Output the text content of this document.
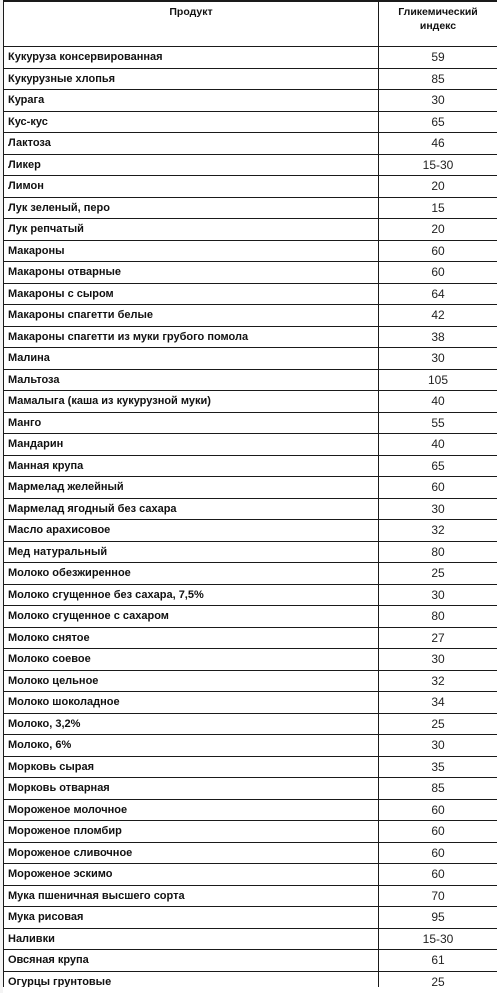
Продукт	Гликемический
индекс
Кукуруза консервированная	59
Кукурузные хлопья	85
Курага	30
Кус-кус	65
Лактоза	46
Ликер	15-30
Лимон	20
Лук зеленый, перо	15
Лук репчатый	20
Макароны	60
Макароны отварные	60
Макароны с сыром	64
Макароны спагетти белые	42
Макароны спагетти из муки грубого помола	38
Малина	30
Мальтоза	105
Мамалыга (каша из кукурузной муки)	40
Манго	55
Мандарин	40
Манная крупа	65
Мармелад желейный	60
Мармелад ягодный без сахара	30
Масло арахисовое	32
Мед натуральный	80
Молоко обезжиренное	25
Молоко сгущенное без сахара, 7,5%	30
Молоко сгущенное с сахаром	80
Молоко снятое	27
Молоко соевое	30
Молоко цельное	32
Молоко шоколадное	34
Молоко, 3,2%	25
Молоко, 6%	30
Морковь сырая	35
Морковь отварная	85
Мороженое молочное	60
Мороженое пломбир	60
Мороженое сливочное	60
Мороженое эскимо	60
Мука пшеничная высшего сорта	70
Мука рисовая	95
Наливки	15-30
Овсяная крупа	61
Огурцы грунтовые	25
